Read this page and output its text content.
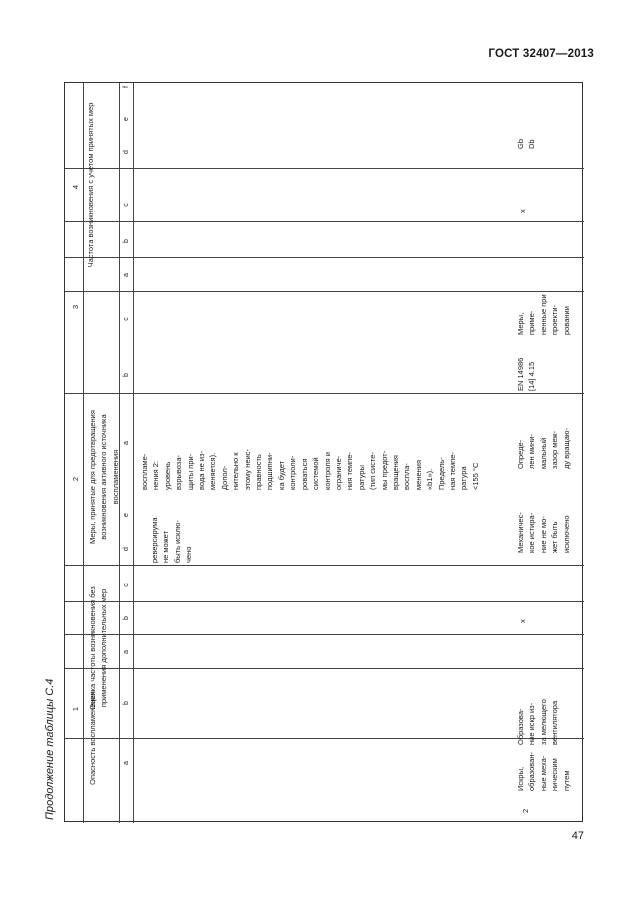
ГОСТ 32407—2013
Продолжение таблицы С.4
47
1
2
3
4
Опасность воспламенения
Оценка частоты возникновения без применения дополнительных мер
Меры, принятые для предотвращения возникновения активного источника воспламенения
Частота возникновения с учетом принятых мер
a
b
a
b
c
d
e
a
b
c
a
b
c
d
e
f
реверсирума
не может
быть исклю-
чено
воспламе-
нения 2:
уровень
взрывоза-
щиты при-
вода не из-
меняется).
Допол-
нительно к
этому неис-
правность
подшипни-
ка будет
контроли-
роваться
системой
контроля и
ограниче-
ния темпе-
ратуры
(тип систе-
мы предот-
вращения
воспла-
менения
«b1»).
Предель-
ная темпе-
ратура
<155 °C
2
Искры,
образован-
ные меха-
ническим
путем
Образова-
ние искр из-
за мелющего
вентилятора
x
Механичес-
кое истира-
ние не мо-
жет быть
исключено
Опреде-
лен мини-
мальный
зазор меж-
ду вращаю-
EN 14986
[14] 4.15
Меры,
приме-
ненные при
проекти-
ровании
x
Gb
Db
